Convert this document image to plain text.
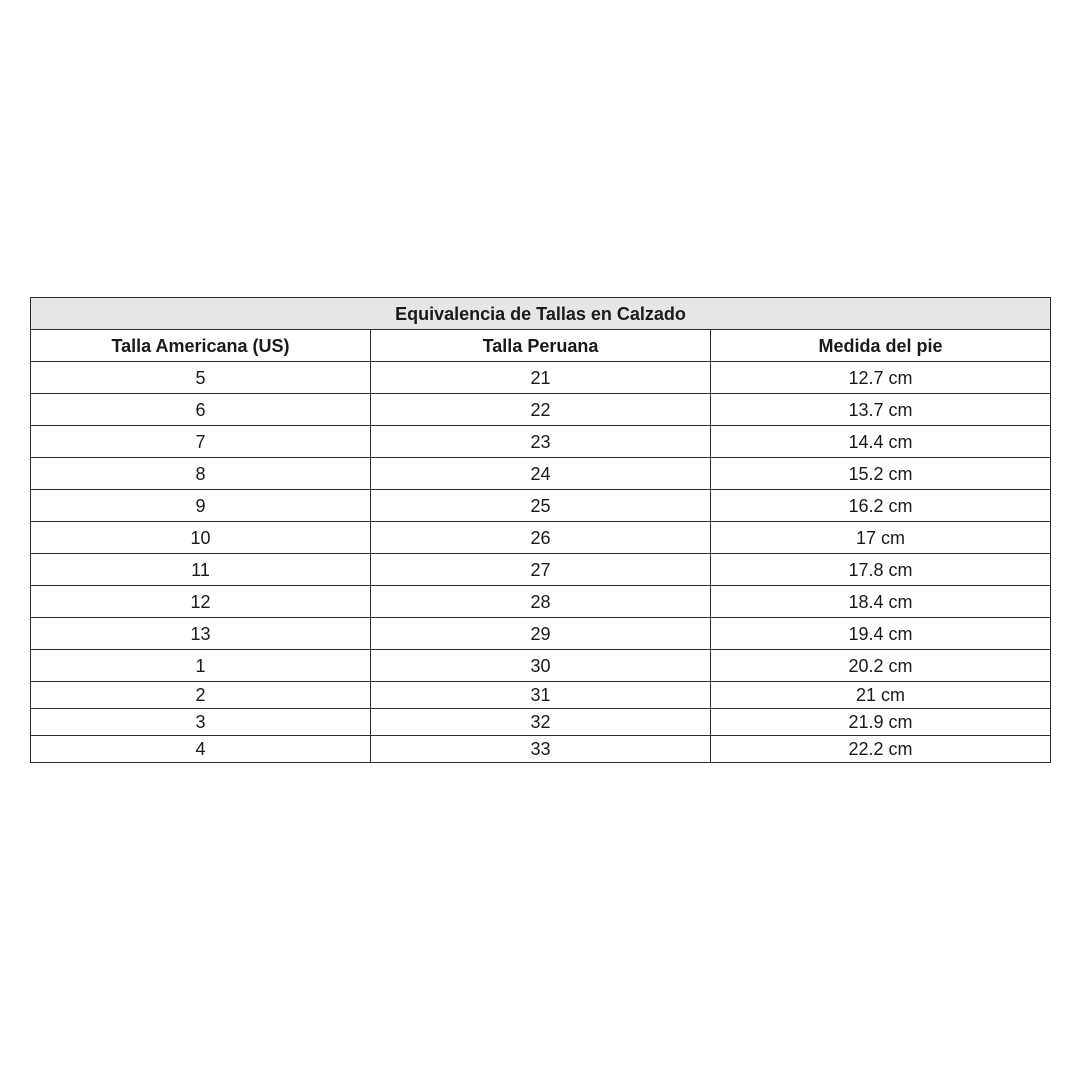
Equivalencia de Tallas en Calzado		
Talla Americana (US)	Talla Peruana	Medida del pie
5	21	12.7 cm
6	22	13.7 cm
7	23	14.4 cm
8	24	15.2 cm
9	25	16.2 cm
10	26	17 cm
11	27	17.8 cm
12	28	18.4 cm
13	29	19.4 cm
1	30	20.2 cm
2	31	21 cm
3	32	21.9 cm
4	33	22.2 cm
